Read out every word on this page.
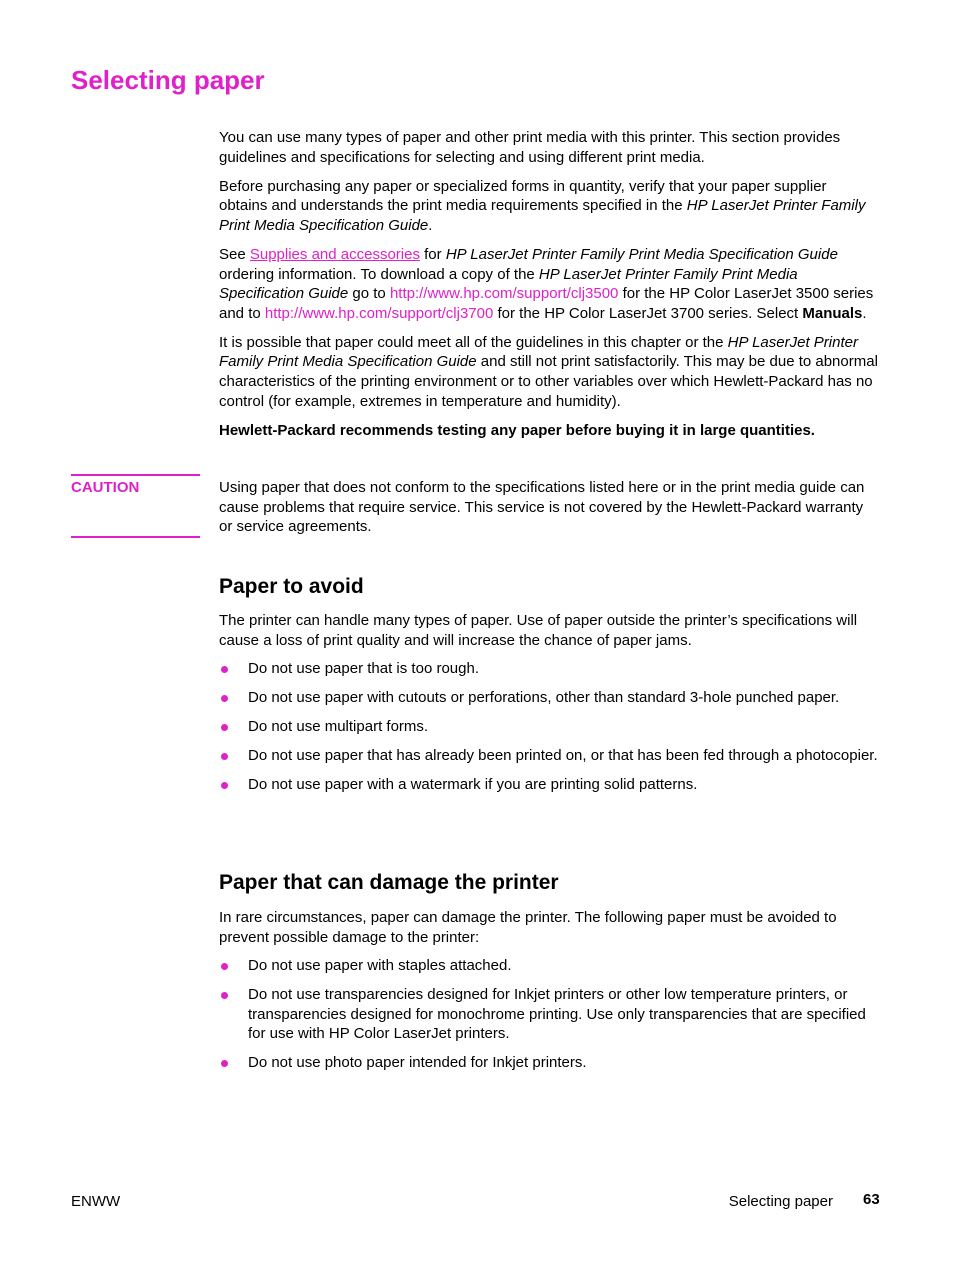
Selecting paper

You can use many types of paper and other print media with this printer. This section provides guidelines and specifications for selecting and using different print media.

Before purchasing any paper or specialized forms in quantity, verify that your paper supplier obtains and understands the print media requirements specified in the HP LaserJet Printer Family Print Media Specification Guide.

See Supplies and accessories for HP LaserJet Printer Family Print Media Specification Guide ordering information. To download a copy of the HP LaserJet Printer Family Print Media Specification Guide go to http://www.hp.com/support/clj3500 for the HP Color LaserJet 3500 series and to http://www.hp.com/support/clj3700 for the HP Color LaserJet 3700 series. Select Manuals.

It is possible that paper could meet all of the guidelines in this chapter or the HP LaserJet Printer Family Print Media Specification Guide and still not print satisfactorily. This may be due to abnormal characteristics of the printing environment or to other variables over which Hewlett-Packard has no control (for example, extremes in temperature and humidity).

Hewlett-Packard recommends testing any paper before buying it in large quantities.

CAUTION	Using paper that does not conform to the specifications listed here or in the print media guide can cause problems that require service. This service is not covered by the Hewlett-Packard warranty or service agreements.
Paper to avoid
The printer can handle many types of paper. Use of paper outside the printer’s specifications will cause a loss of print quality and will increase the chance of paper jams.
Do not use paper that is too rough.
Do not use paper with cutouts or perforations, other than standard 3-hole punched paper.
Do not use multipart forms.
Do not use paper that has already been printed on, or that has been fed through a photocopier.
Do not use paper with a watermark if you are printing solid patterns.
Paper that can damage the printer
In rare circumstances, paper can damage the printer. The following paper must be avoided to prevent possible damage to the printer:
Do not use paper with staples attached.
Do not use transparencies designed for Inkjet printers or other low temperature printers, or transparencies designed for monochrome printing. Use only transparencies that are specified for use with HP Color LaserJet printers.
Do not use photo paper intended for Inkjet printers.
ENWW	Selecting paper 63
